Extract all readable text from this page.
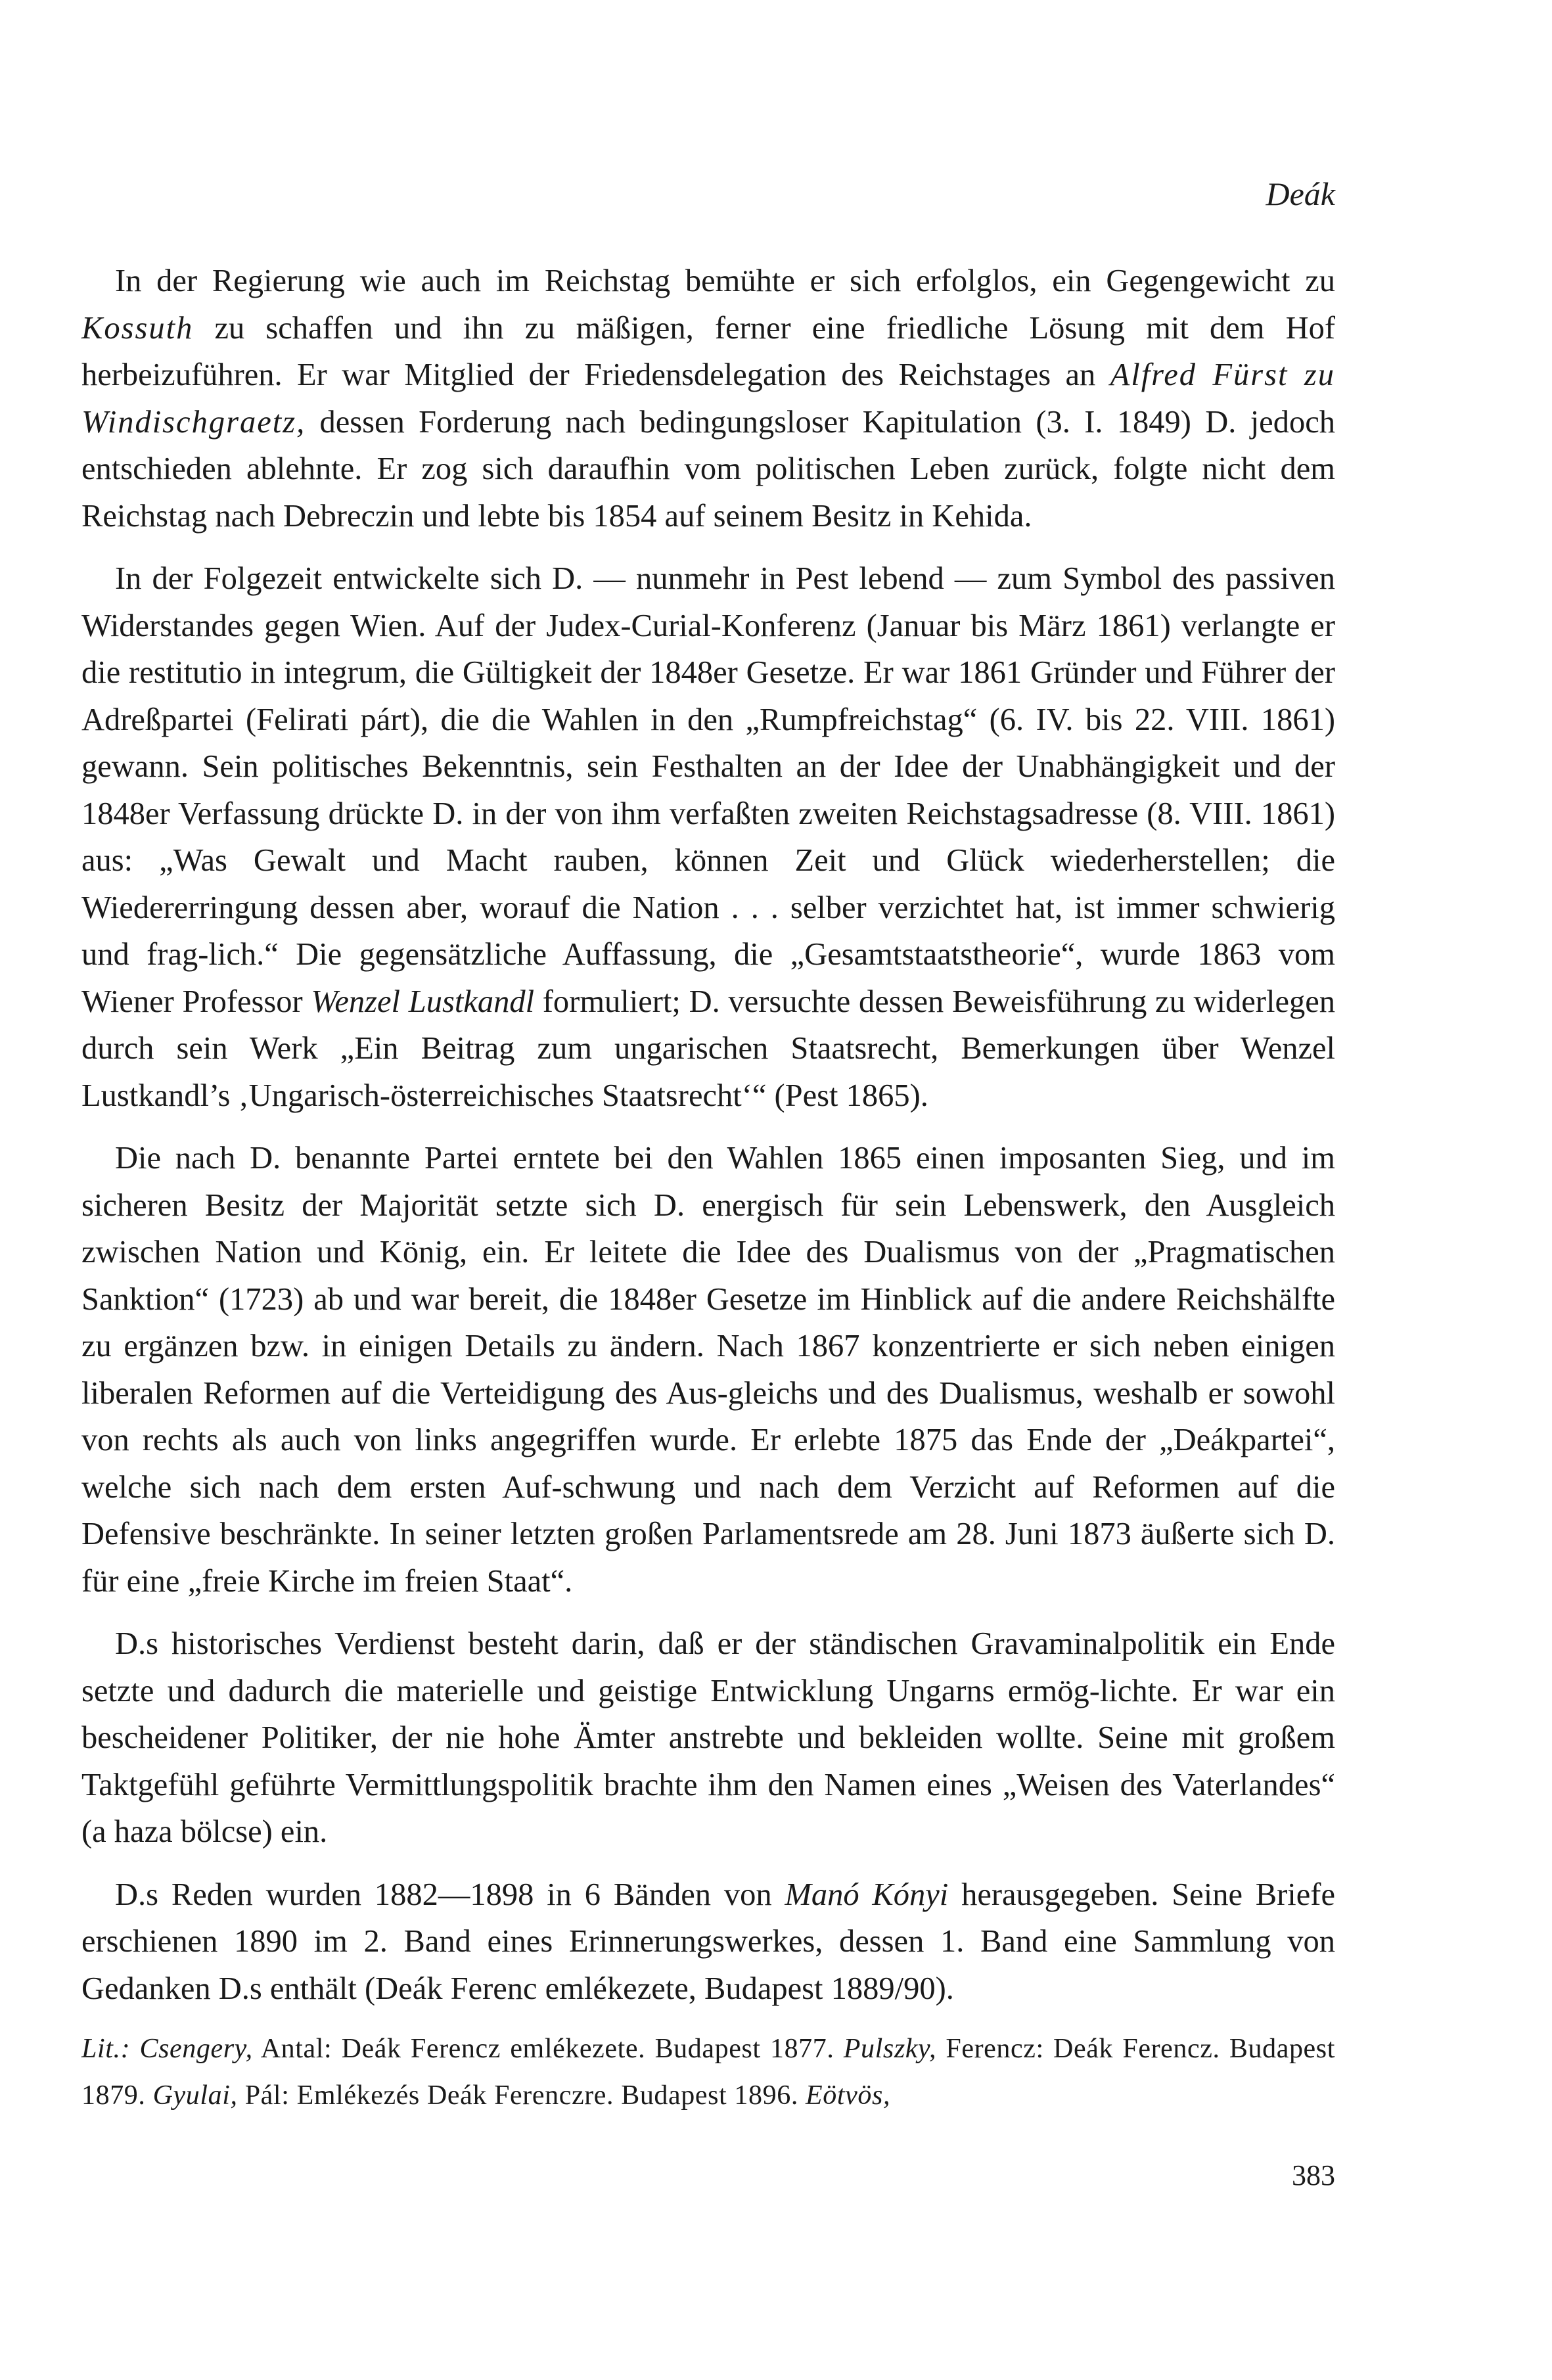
Deák

In der Regierung wie auch im Reichstag bemühte er sich erfolglos, ein Gegengewicht zu Kossuth zu schaffen und ihn zu mäßigen, ferner eine friedliche Lösung mit dem Hof herbeizuführen. Er war Mitglied der Friedensdelegation des Reichstages an Alfred Fürst zu Windischgraetz, dessen Forderung nach bedingungsloser Kapitulation (3. I. 1849) D. jedoch entschieden ablehnte. Er zog sich daraufhin vom politischen Leben zurück, folgte nicht dem Reichstag nach Debreczin und lebte bis 1854 auf seinem Besitz in Kehida.

In der Folgezeit entwickelte sich D. — nunmehr in Pest lebend — zum Symbol des passiven Widerstandes gegen Wien. Auf der Judex-Curial-Konferenz (Januar bis März 1861) verlangte er die restitutio in integrum, die Gültigkeit der 1848er Gesetze. Er war 1861 Gründer und Führer der Adreßpartei (Felirati párt), die die Wahlen in den „Rumpfreichstag“ (6. IV. bis 22. VIII. 1861) gewann. Sein politisches Bekenntnis, sein Festhalten an der Idee der Unabhängigkeit und der 1848er Verfassung drückte D. in der von ihm verfaßten zweiten Reichstagsadresse (8. VIII. 1861) aus: „Was Gewalt und Macht rauben, können Zeit und Glück wiederherstellen; die Wiedererringung dessen aber, worauf die Nation . . . selber verzichtet hat, ist immer schwierig und frag-lich.“ Die gegensätzliche Auffassung, die „Gesamtstaatstheorie“, wurde 1863 vom Wiener Professor Wenzel Lustkandl formuliert; D. versuchte dessen Beweisführung zu widerlegen durch sein Werk „Ein Beitrag zum ungarischen Staatsrecht, Bemerkungen über Wenzel Lustkandl’s ‚Ungarisch-österreichisches Staatsrecht‘“ (Pest 1865).

Die nach D. benannte Partei erntete bei den Wahlen 1865 einen imposanten Sieg, und im sicheren Besitz der Majorität setzte sich D. energisch für sein Lebenswerk, den Ausgleich zwischen Nation und König, ein. Er leitete die Idee des Dualismus von der „Pragmatischen Sanktion“ (1723) ab und war bereit, die 1848er Gesetze im Hinblick auf die andere Reichshälfte zu ergänzen bzw. in einigen Details zu ändern. Nach 1867 konzentrierte er sich neben einigen liberalen Reformen auf die Verteidigung des Aus-gleichs und des Dualismus, weshalb er sowohl von rechts als auch von links angegriffen wurde. Er erlebte 1875 das Ende der „Deákpartei“, welche sich nach dem ersten Auf-schwung und nach dem Verzicht auf Reformen auf die Defensive beschränkte. In seiner letzten großen Parlamentsrede am 28. Juni 1873 äußerte sich D. für eine „freie Kirche im freien Staat“.

D.s historisches Verdienst besteht darin, daß er der ständischen Gravaminalpolitik ein Ende setzte und dadurch die materielle und geistige Entwicklung Ungarns ermög-lichte. Er war ein bescheidener Politiker, der nie hohe Ämter anstrebte und bekleiden wollte. Seine mit großem Taktgefühl geführte Vermittlungspolitik brachte ihm den Namen eines „Weisen des Vaterlandes“ (a haza bölcse) ein.

D.s Reden wurden 1882—1898 in 6 Bänden von Manó Kónyi herausgegeben. Seine Briefe erschienen 1890 im 2. Band eines Erinnerungswerkes, dessen 1. Band eine Sammlung von Gedanken D.s enthält (Deák Ferenc emlékezete, Budapest 1889/90).

Lit.: Csengery, Antal: Deák Ferencz emlékezete. Budapest 1877. Pulszky, Ferencz: Deák Ferencz. Budapest 1879. Gyulai, Pál: Emlékezés Deák Ferenczre. Budapest 1896. Eötvös,

383
